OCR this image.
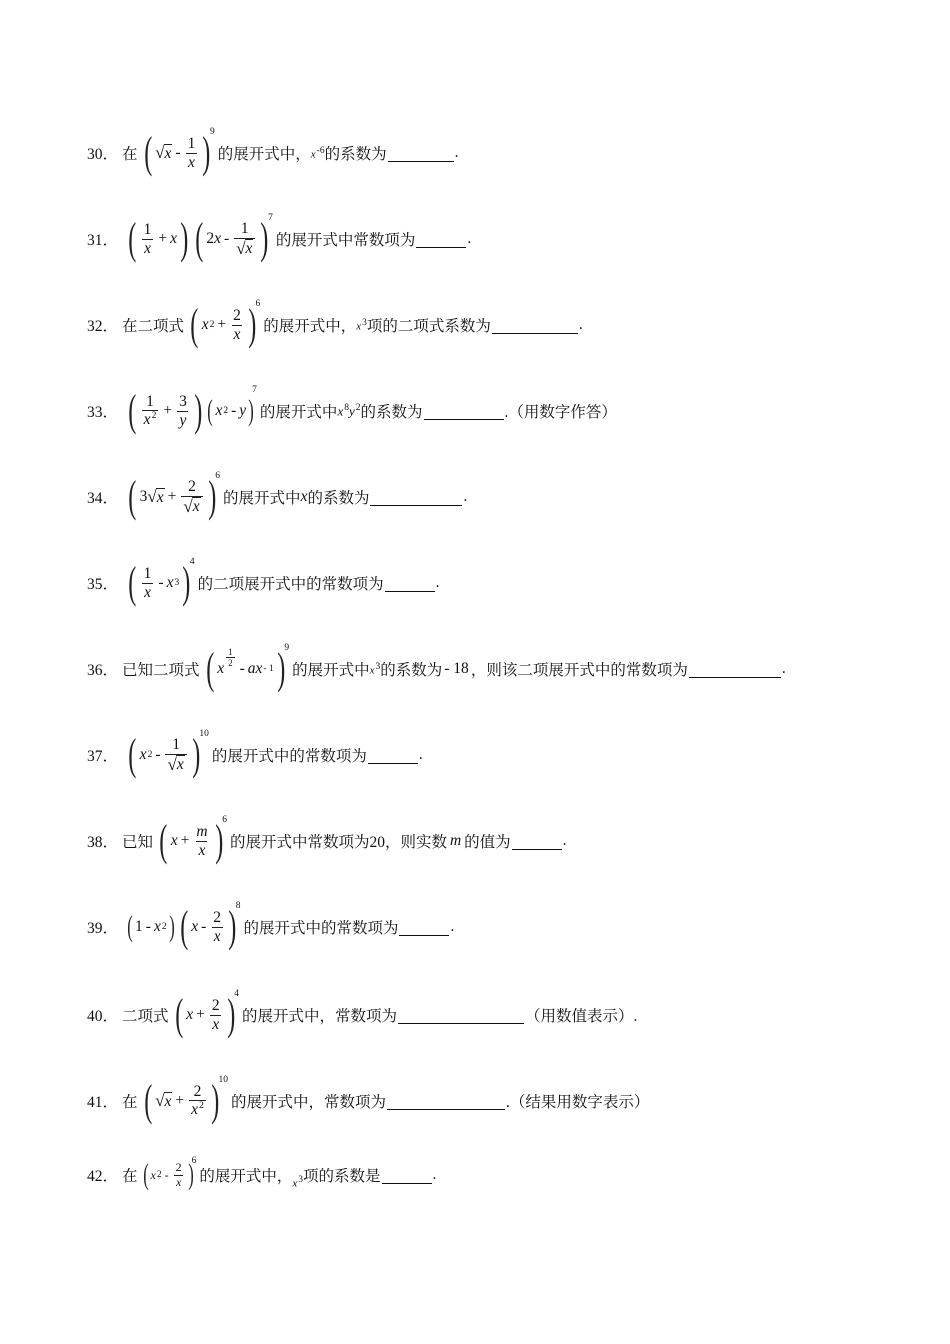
30． 在 ( √ x - $\frac{1}{x}$ ) 9
的展开式中， x-6 的系数为	.
31． ( $\frac{1}{x} + x$ ) ( 2 x - $\frac{1}{√ x}$ ) 7
的展开式中常数项为	.
32． 在二项式 ( x $2 + \frac{2}{x}$ ) 6
的展开式中， x3 项的二项式系数为	.
33． ( $\frac{1}{x^2} + \frac{3}{y}$ ) ( x 2 - y )
7
的展开式中 $x^8y^2$ 的系数为	.（用数字作答）
34． ( 3 √ $x + \frac{2}{√ x}$ ) 6
的展开式中 x 的系数为	.
35． ( $\frac{1}{x}$ - x 3 ) 4
的二项展开式中的常数项为	.
36． 已知二项式 ( x $\frac{1}{2}$ - ax - 1 ) 9
的展开式中 x3 的系数为 - 18 ，则该二项展开式中的常数项为	.
37． ( x $2 - \frac{1}{√ x}$ ) 10
的展开式中的常数项为	.
38． 已知 ( $x + \frac{m}{x}$ ) 6
的展开式中常数项为20，则实数 m 的值为	.
39． ( 1 - x 2 ) ( x - $\frac{2}{x}$ ) 8
的展开式中的常数项为	.
40． 二项式 ( $x + \frac{2}{x}$ ) 4
的展开式中，常数项为	（用数值表示）.
41． 在 ( √ $x + \frac{2}{x^2}$ ) 10
的展开式中，常数项为	.（结果用数字表示）
42． 在 ( x $2 - \frac{2}{x}$ )
6
的展开式中， x3 项的系数是	.
